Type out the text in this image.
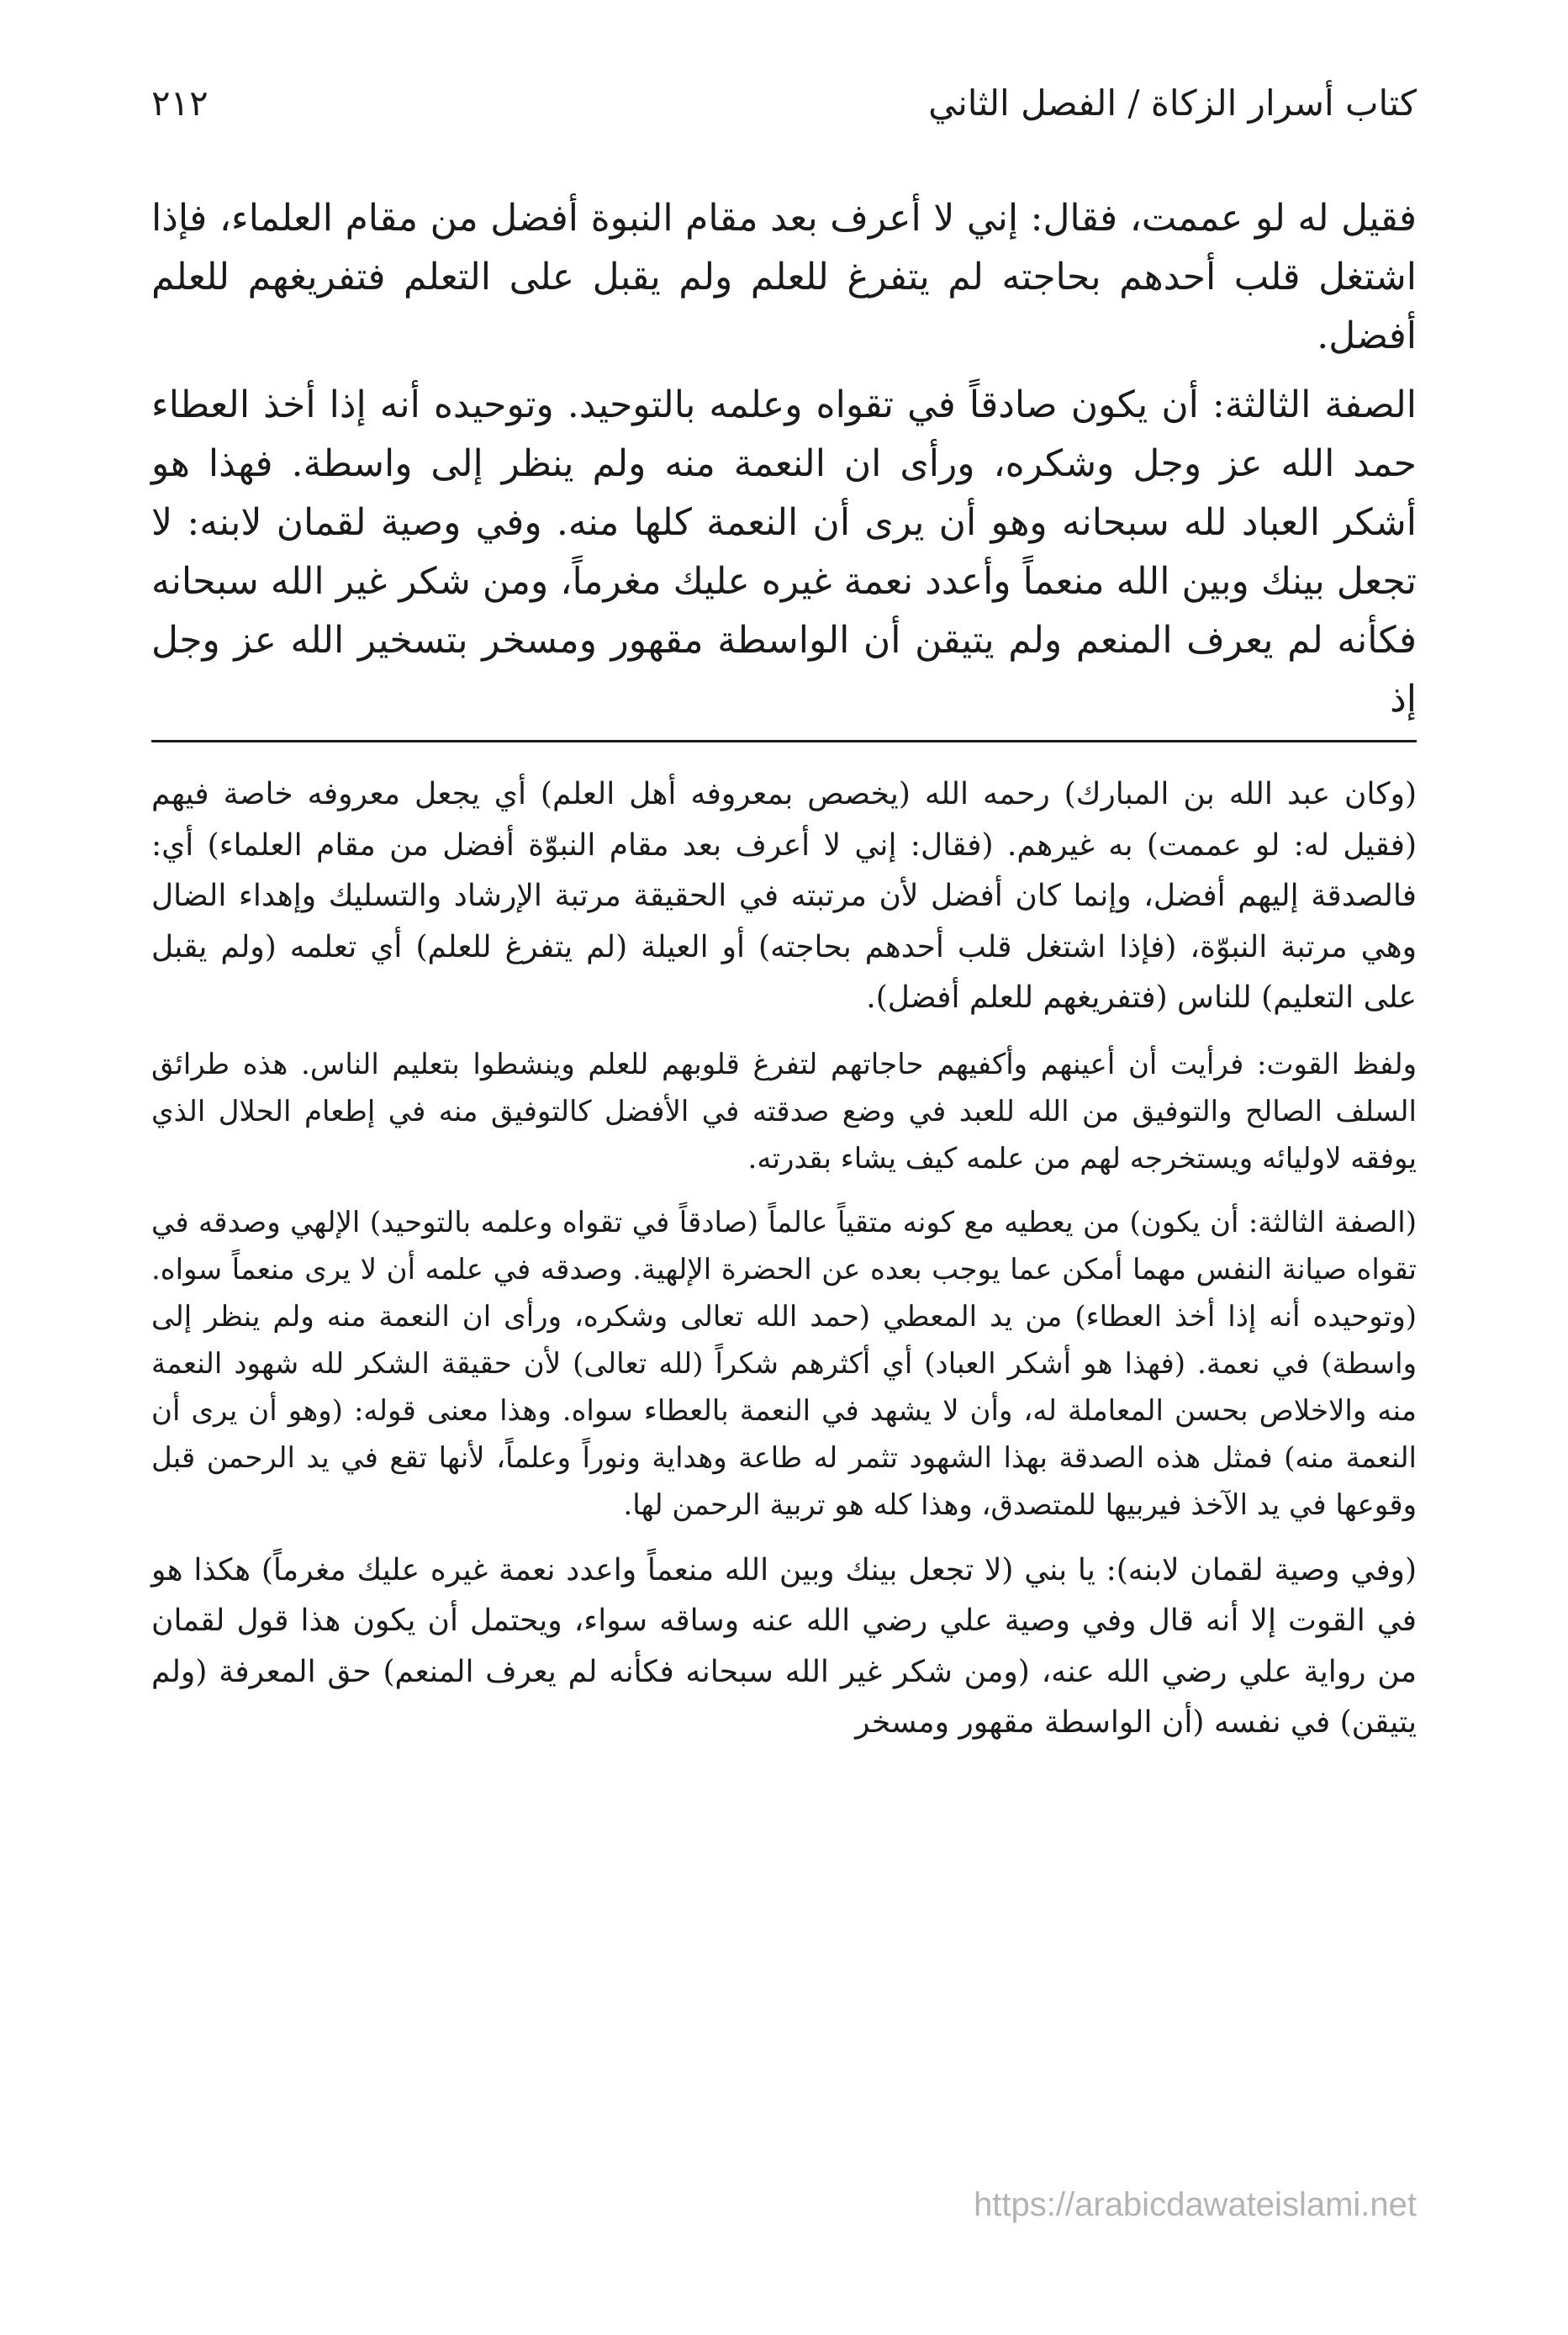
كتاب أسرار الزكاة / الفصل الثاني
٢١٢

فقيل له لو عممت، فقال: إني لا أعرف بعد مقام النبوة أفضل من مقام العلماء، فإذا اشتغل قلب أحدهم بحاجته لم يتفرغ للعلم ولم يقبل على التعلم فتفريغهم للعلم أفضل.

الصفة الثالثة: أن يكون صادقاً في تقواه وعلمه بالتوحيد. وتوحيده أنه إذا أخذ العطاء حمد الله عز وجل وشكره، ورأى ان النعمة منه ولم ينظر إلى واسطة. فهذا هو أشكر العباد لله سبحانه وهو أن يرى أن النعمة كلها منه. وفي وصية لقمان لابنه: لا تجعل بينك وبين الله منعماً وأعدد نعمة غيره عليك مغرماً، ومن شكر غير الله سبحانه فكأنه لم يعرف المنعم ولم يتيقن أن الواسطة مقهور ومسخر بتسخير الله عز وجل إذ

(وكان عبد الله بن المبارك) رحمه الله (يخصص بمعروفه أهل العلم) أي يجعل معروفه خاصة فيهم (فقيل له: لو عممت) به غيرهم. (فقال: إني لا أعرف بعد مقام النبوّة أفضل من مقام العلماء) أي: فالصدقة إليهم أفضل، وإنما كان أفضل لأن مرتبته في الحقيقة مرتبة الإرشاد والتسليك وإهداء الضال وهي مرتبة النبوّة، (فإذا اشتغل قلب أحدهم بحاجته) أو العيلة (لم يتفرغ للعلم) أي تعلمه (ولم يقبل على التعليم) للناس (فتفريغهم للعلم أفضل).

ولفظ القوت: فرأيت أن أعينهم وأكفيهم حاجاتهم لتفرغ قلوبهم للعلم وينشطوا بتعليم الناس. هذه طرائق السلف الصالح والتوفيق من الله للعبد في وضع صدقته في الأفضل كالتوفيق منه في إطعام الحلال الذي يوفقه لاوليائه ويستخرجه لهم من علمه كيف يشاء بقدرته.

(الصفة الثالثة: أن يكون) من يعطيه مع كونه متقياً عالماً (صادقاً في تقواه وعلمه بالتوحيد) الإلهي وصدقه في تقواه صيانة النفس مهما أمكن عما يوجب بعده عن الحضرة الإلهية. وصدقه في علمه أن لا يرى منعماً سواه. (وتوحيده أنه إذا أخذ العطاء) من يد المعطي (حمد الله تعالى وشكره، ورأى ان النعمة منه ولم ينظر إلى واسطة) في نعمة. (فهذا هو أشكر العباد) أي أكثرهم شكراً (لله تعالى) لأن حقيقة الشكر لله شهود النعمة منه والاخلاص بحسن المعاملة له، وأن لا يشهد في النعمة بالعطاء سواه. وهذا معنى قوله: (وهو أن يرى أن النعمة منه) فمثل هذه الصدقة بهذا الشهود تثمر له طاعة وهداية ونوراً وعلماً، لأنها تقع في يد الرحمن قبل وقوعها في يد الآخذ فيربيها للمتصدق، وهذا كله هو تربية الرحمن لها.

(وفي وصية لقمان لابنه): يا بني (لا تجعل بينك وبين الله منعماً واعدد نعمة غيره عليك مغرماً) هكذا هو في القوت إلا أنه قال وفي وصية علي رضي الله عنه وساقه سواء، ويحتمل أن يكون هذا قول لقمان من رواية علي رضي الله عنه، (ومن شكر غير الله سبحانه فكأنه لم يعرف المنعم) حق المعرفة (ولم يتيقن) في نفسه (أن الواسطة مقهور ومسخر

https://arabicdawateislami.net
